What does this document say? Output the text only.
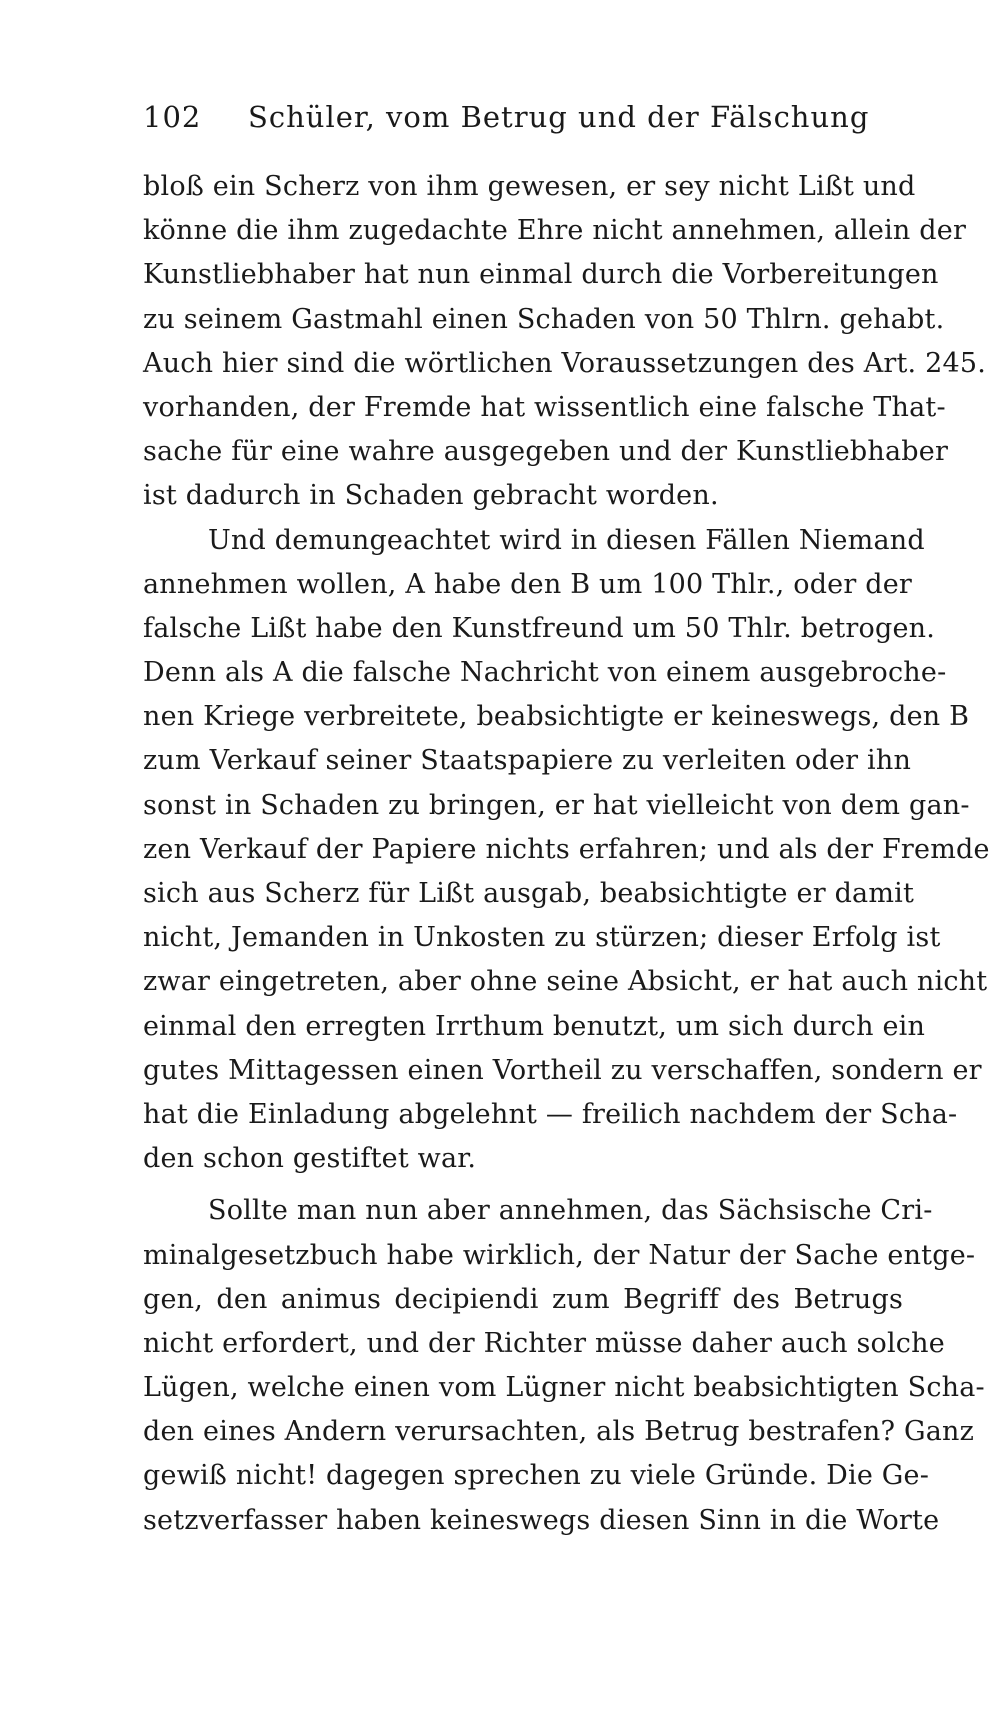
102 Schüler, vom Betrug und der Fälschung
bloß ein Scherz von ihm gewesen, er sey nicht Lißt und
könne die ihm zugedachte Ehre nicht annehmen, allein der
Kunstliebhaber hat nun einmal durch die Vorbereitungen
zu seinem Gastmahl einen Schaden von 50 Thlrn. gehabt.
Auch hier sind die wörtlichen Voraussetzungen des Art. 245.
vorhanden, der Fremde hat wissentlich eine falsche That-
sache für eine wahre ausgegeben und der Kunstliebhaber
ist dadurch in Schaden gebracht worden.
Und demungeachtet wird in diesen Fällen Niemand
annehmen wollen, A habe den B um 100 Thlr., oder der
falsche Lißt habe den Kunstfreund um 50 Thlr. betrogen.
Denn als A die falsche Nachricht von einem ausgebroche-
nen Kriege verbreitete, beabsichtigte er keineswegs, den B
zum Verkauf seiner Staatspapiere zu verleiten oder ihn
sonst in Schaden zu bringen, er hat vielleicht von dem gan-
zen Verkauf der Papiere nichts erfahren; und als der Fremde
sich aus Scherz für Lißt ausgab, beabsichtigte er damit
nicht, Jemanden in Unkosten zu stürzen; dieser Erfolg ist
zwar eingetreten, aber ohne seine Absicht, er hat auch nicht
einmal den erregten Irrthum benutzt, um sich durch ein
gutes Mittagessen einen Vortheil zu verschaffen, sondern er
hat die Einladung abgelehnt — freilich nachdem der Scha-
den schon gestiftet war.
Sollte man nun aber annehmen, das Sächsische Cri-
minalgesetzbuch habe wirklich, der Natur der Sache entge-
gen, den animus decipiendi zum Begriff des Betrugs
nicht erfordert, und der Richter müsse daher auch solche
Lügen, welche einen vom Lügner nicht beabsichtigten Scha-
den eines Andern verursachten, als Betrug bestrafen? Ganz
gewiß nicht! dagegen sprechen zu viele Gründe. Die Ge-
setzverfasser haben keineswegs diesen Sinn in die Worte
